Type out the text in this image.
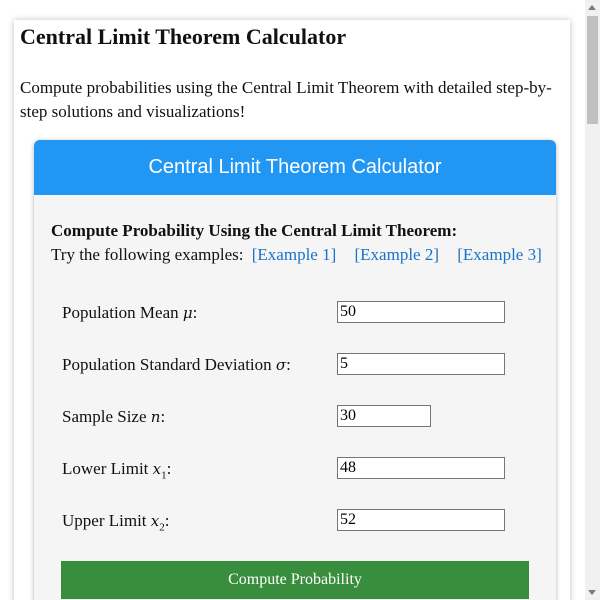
Central Limit Theorem Calculator

Compute probabilities using the Central Limit Theorem with detailed step-by-step solutions and visualizations!

Central Limit Theorem Calculator

Compute Probability Using the Central Limit Theorem:

Try the following examples: [Example 1] [Example 2] [Example 3]
Population Mean μ:
50
Population Standard Deviation σ:
5
Sample Size n:
30
Lower Limit $x_1$:
48
Upper Limit $x_2$:
52
Compute Probability
